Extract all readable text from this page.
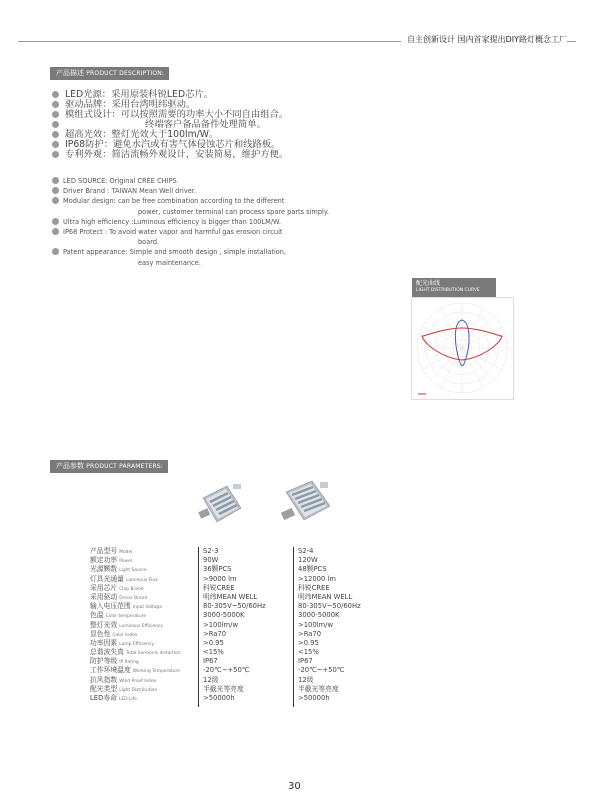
自主创新设计 国内首家提出DIY路灯概念工厂
产品描述 PRODUCT DESCRIPTION:
LED光源：采用原装科锐LED芯片。
驱动品牌：采用台湾明纬驱动。
模组式设计：可以按照需要的功率大小不同自由组合。
终端客户备品备件处理简单。
超高光效：整灯光效大于100lm/W。
IP68防护：避免水汽或有害气体侵蚀芯片和线路板。
专利外观：简洁流畅外观设计，安装简易，维护方便。
LED SOURCE: Original CREE CHIPS.
Driver Brand : TAIWAN Mean Well driver.
Modular design: can be free combination according to the different
power, customer terminal can process spare parts simply.
Ultra high efficiency :Luminous efficiency is bigger than 100LM/W.
IP68 Protect : To avoid water vapor and harmful gas erosion circuit
board.
Patent appearance: Simple and smooth design , simple installation,
easy maintenance.
配光曲线
LIGHT DISTRIBUTION CURVE
产品参数 PRODUCT PARAMETERS:
产品型号 Model
额定功率 Power
光源颗数 Light Source
灯具光通量 Luminous Flux
采用芯片 Chip Brand
采用驱动 Driver Brand
输入电压范围 Input Voltage
色温 Color temperature
整灯光效 Luminous Efficiency
显色性 Color Index
功率因素 Lamp Efficiency
总谐波失真 Total harmonic distortion
防护等级 IP Rating
工作环境温度 Working Temperature
抗风指数 Wind Proof Index
配光类型 Light Distribution
LED寿命 LED Life
S2-3
90W
36颗PCS
>9000 lm
科锐CREE
明纬MEAN WELL
80-305V~50/60Hz
3000-5000K
>100lm/w
>Ra70
>0.95
<15%
IP67
-20℃~+50℃
12级
半截光等亮度
>50000h
S2-4
120W
48颗PCS
>12000 lm
科锐CREE
明纬MEAN WELL
80-305V~50/60Hz
3000-5000K
>100lm/w
>Ra70
>0.95
<15%
IP67
-20℃~+50℃
12级
半截光等亮度
>50000h
30
